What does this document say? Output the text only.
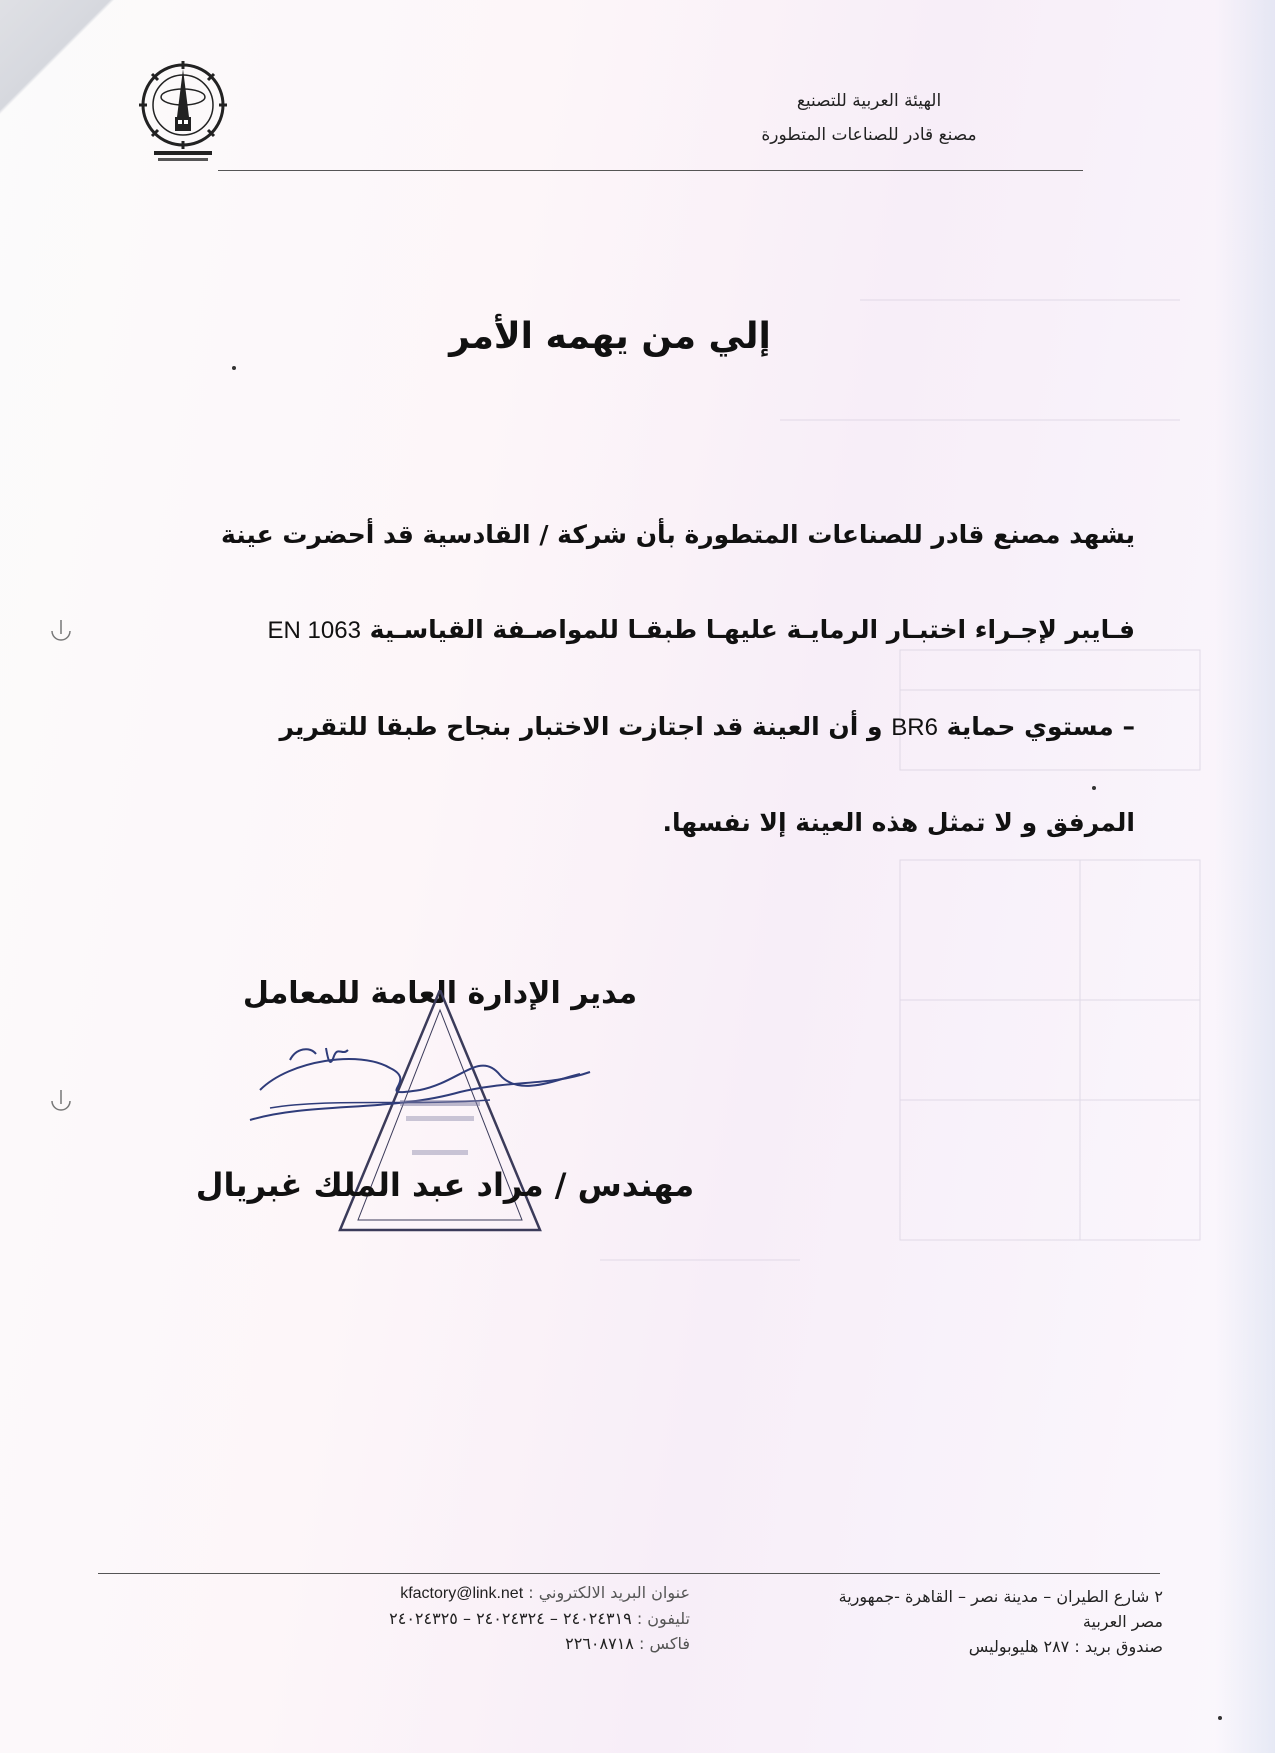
الهيئة العربية للتصنيع
مصنع قادر للصناعات المتطورة
إلي من يهمه الأمر
يشهد مصنع قادر للصناعات المتطورة بأن شركة / القادسية قد أحضرت عينة
فـايبر لإجـراء اختبـار الرمايـة عليهـا طبقـا للمواصـفة القياسـية EN 1063
– مستوي حماية BR6 و أن العينة قد اجتازت الاختبار بنجاح طبقا للتقرير
المرفق و لا تمثل هذه العينة إلا نفسها.
مدير الإدارة العامة للمعامل
مهندس / مراد عبد الملك غبريال
٢ شارع الطيران – مدينة نصر – القاهرة -جمهورية
مصر العربية
صندوق بريد : ٢٨٧ هليوبوليس
عنوان البريد الالكتروني : kfactory@link.net
تليفون : ٢٤٠٢٤٣١٩ – ٢٤٠٢٤٣٢٤ – ٢٤٠٢٤٣٢٥
فاكس : ٢٢٦٠٨٧١٨
